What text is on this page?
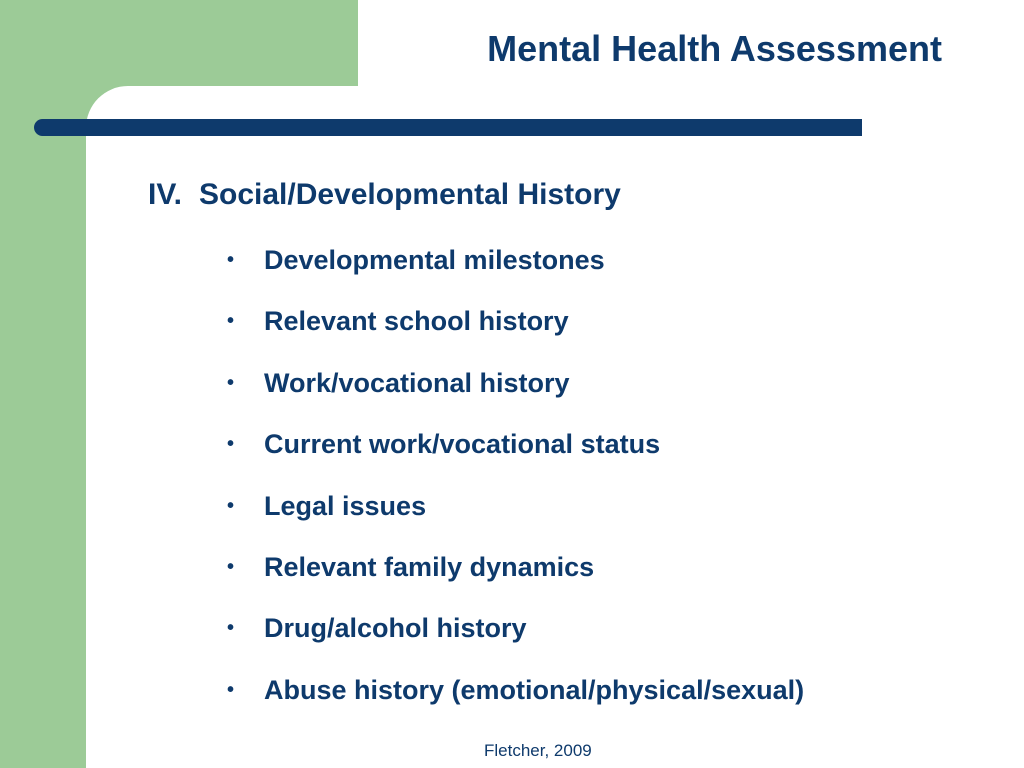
Mental Health Assessment
IV. Social/Developmental History
•	Developmental milestones
•	Relevant school history
•	Work/vocational history
•	Current work/vocational status
•	Legal issues
•	Relevant family dynamics
•	Drug/alcohol history
•	Abuse history (emotional/physical/sexual)
Fletcher, 2009
